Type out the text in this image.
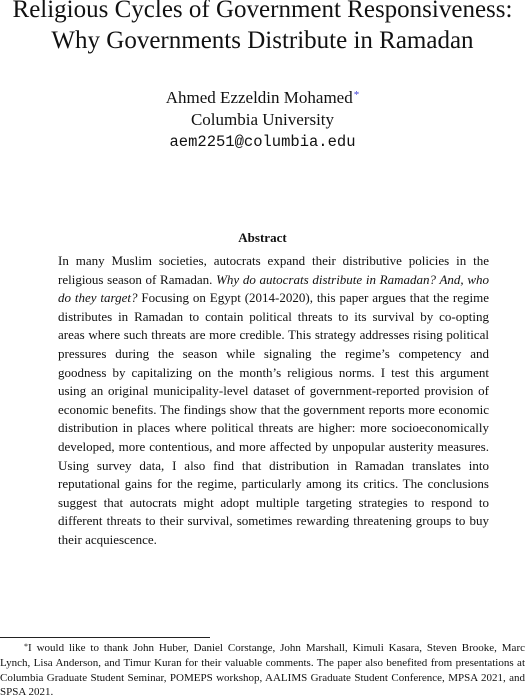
Religious Cycles of Government Responsiveness:
Why Governments Distribute in Ramadan
Ahmed Ezzeldin Mohamed*
Columbia University
aem2251@columbia.edu
Abstract

In many Muslim societies, autocrats expand their distributive policies in the religious season of Ramadan. Why do autocrats distribute in Ramadan? And, who do they target? Focusing on Egypt (2014-2020), this paper argues that the regime distributes in Ramadan to contain political threats to its survival by co-opting areas where such threats are more credible. This strategy addresses rising political pressures during the season while signaling the regime’s competency and goodness by capitalizing on the month’s religious norms. I test this argument using an original municipality-level dataset of government-reported provision of economic benefits. The findings show that the government reports more economic distribution in places where political threats are higher: more socioeconomically developed, more contentious, and more affected by unpopular austerity measures. Using survey data, I also find that distribution in Ramadan translates into reputational gains for the regime, particularly among its critics. The conclusions suggest that autocrats might adopt multiple targeting strategies to respond to different threats to their survival, sometimes rewarding threatening groups to buy their acquiescence.

*I would like to thank John Huber, Daniel Corstange, John Marshall, Kimuli Kasara, Steven Brooke, Marc Lynch, Lisa Anderson, and Timur Kuran for their valuable comments. The paper also benefited from presentations at Columbia Graduate Student Seminar, POMEPS workshop, AALIMS Graduate Student Conference, MPSA 2021, and SPSA 2021.
